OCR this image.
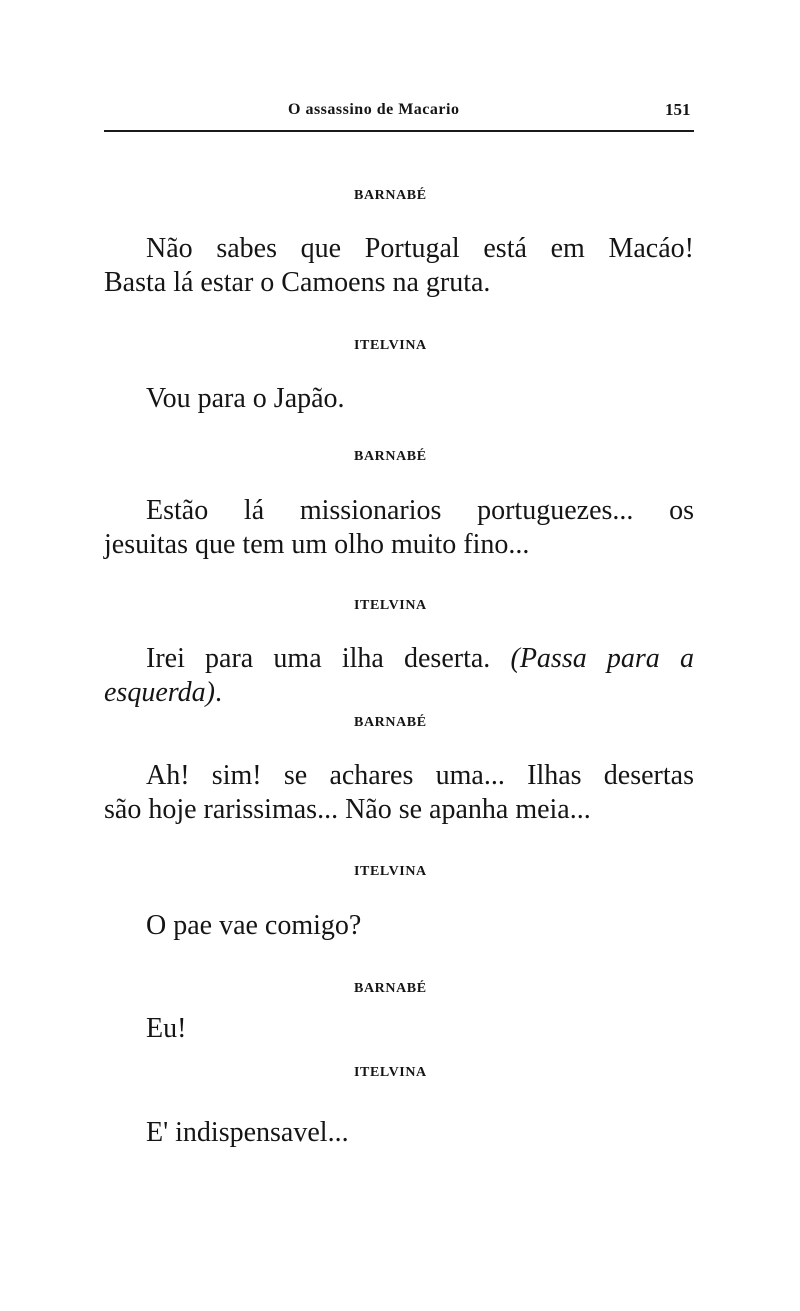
O assassino de Macario	151
BARNABÉ
Não sabes que Portugal está em Macáo!
Basta lá estar o Camoens na gruta.
ITELVINA
Vou para o Japão.
BARNABÉ
Estão lá missionarios portuguezes... os
jesuitas que tem um olho muito fino...
ITELVINA
Irei para uma ilha deserta. (Passa para a
esquerda).
BARNABÉ
Ah! sim! se achares uma... Ilhas desertas
são hoje rarissimas... Não se apanha meia...
ITELVINA
O pae vae comigo?
BARNABÉ
Eu!
ITELVINA
E' indispensavel...
